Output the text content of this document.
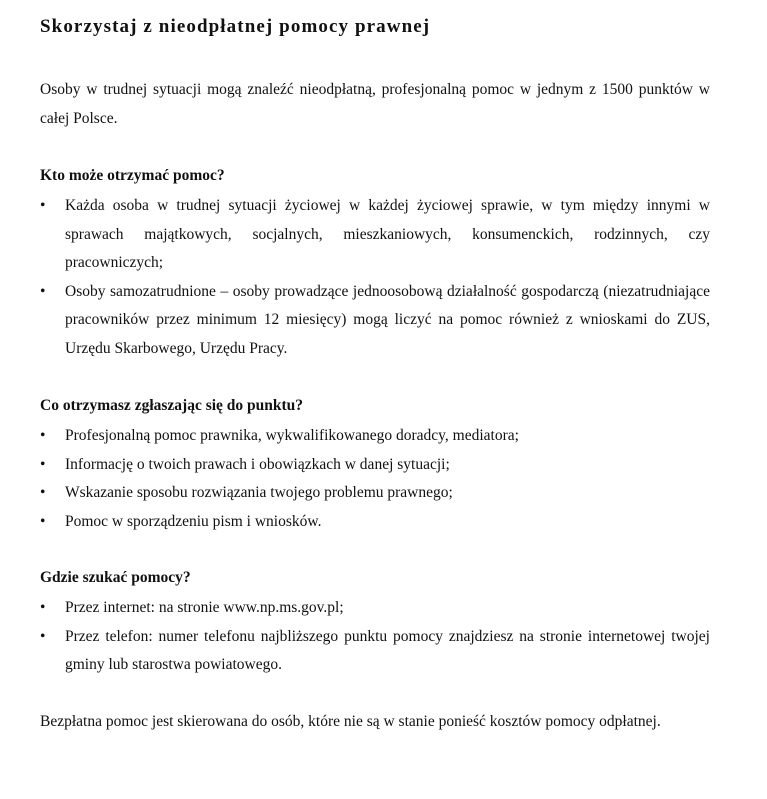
Skorzystaj z nieodpłatnej pomocy prawnej

Osoby w trudnej sytuacji mogą znaleźć nieodpłatną, profesjonalną pomoc w jednym z 1500 punktów w całej Polsce.

Kto może otrzymać pomoc?
• Każda osoba w trudnej sytuacji życiowej w każdej życiowej sprawie, w tym między innymi w sprawach majątkowych, socjalnych, mieszkaniowych, konsumenckich, rodzinnych, czy pracowniczych;
• Osoby samozatrudnione – osoby prowadzące jednoosobową działalność gospodarczą (niezatrudniające pracowników przez minimum 12 miesięcy) mogą liczyć na pomoc również z wnioskami do ZUS, Urzędu Skarbowego, Urzędu Pracy.
Co otrzymasz zgłaszając się do punktu?
• Profesjonalną pomoc prawnika, wykwalifikowanego doradcy, mediatora;
• Informację o twoich prawach i obowiązkach w danej sytuacji;
• Wskazanie sposobu rozwiązania twojego problemu prawnego;
• Pomoc w sporządzeniu pism i wniosków.
Gdzie szukać pomocy?
• Przez internet: na stronie www.np.ms.gov.pl;
• Przez telefon: numer telefonu najbliższego punktu pomocy znajdziesz na stronie internetowej twojej gminy lub starostwa powiatowego.

Bezpłatna pomoc jest skierowana do osób, które nie są w stanie ponieść kosztów pomocy odpłatnej.
